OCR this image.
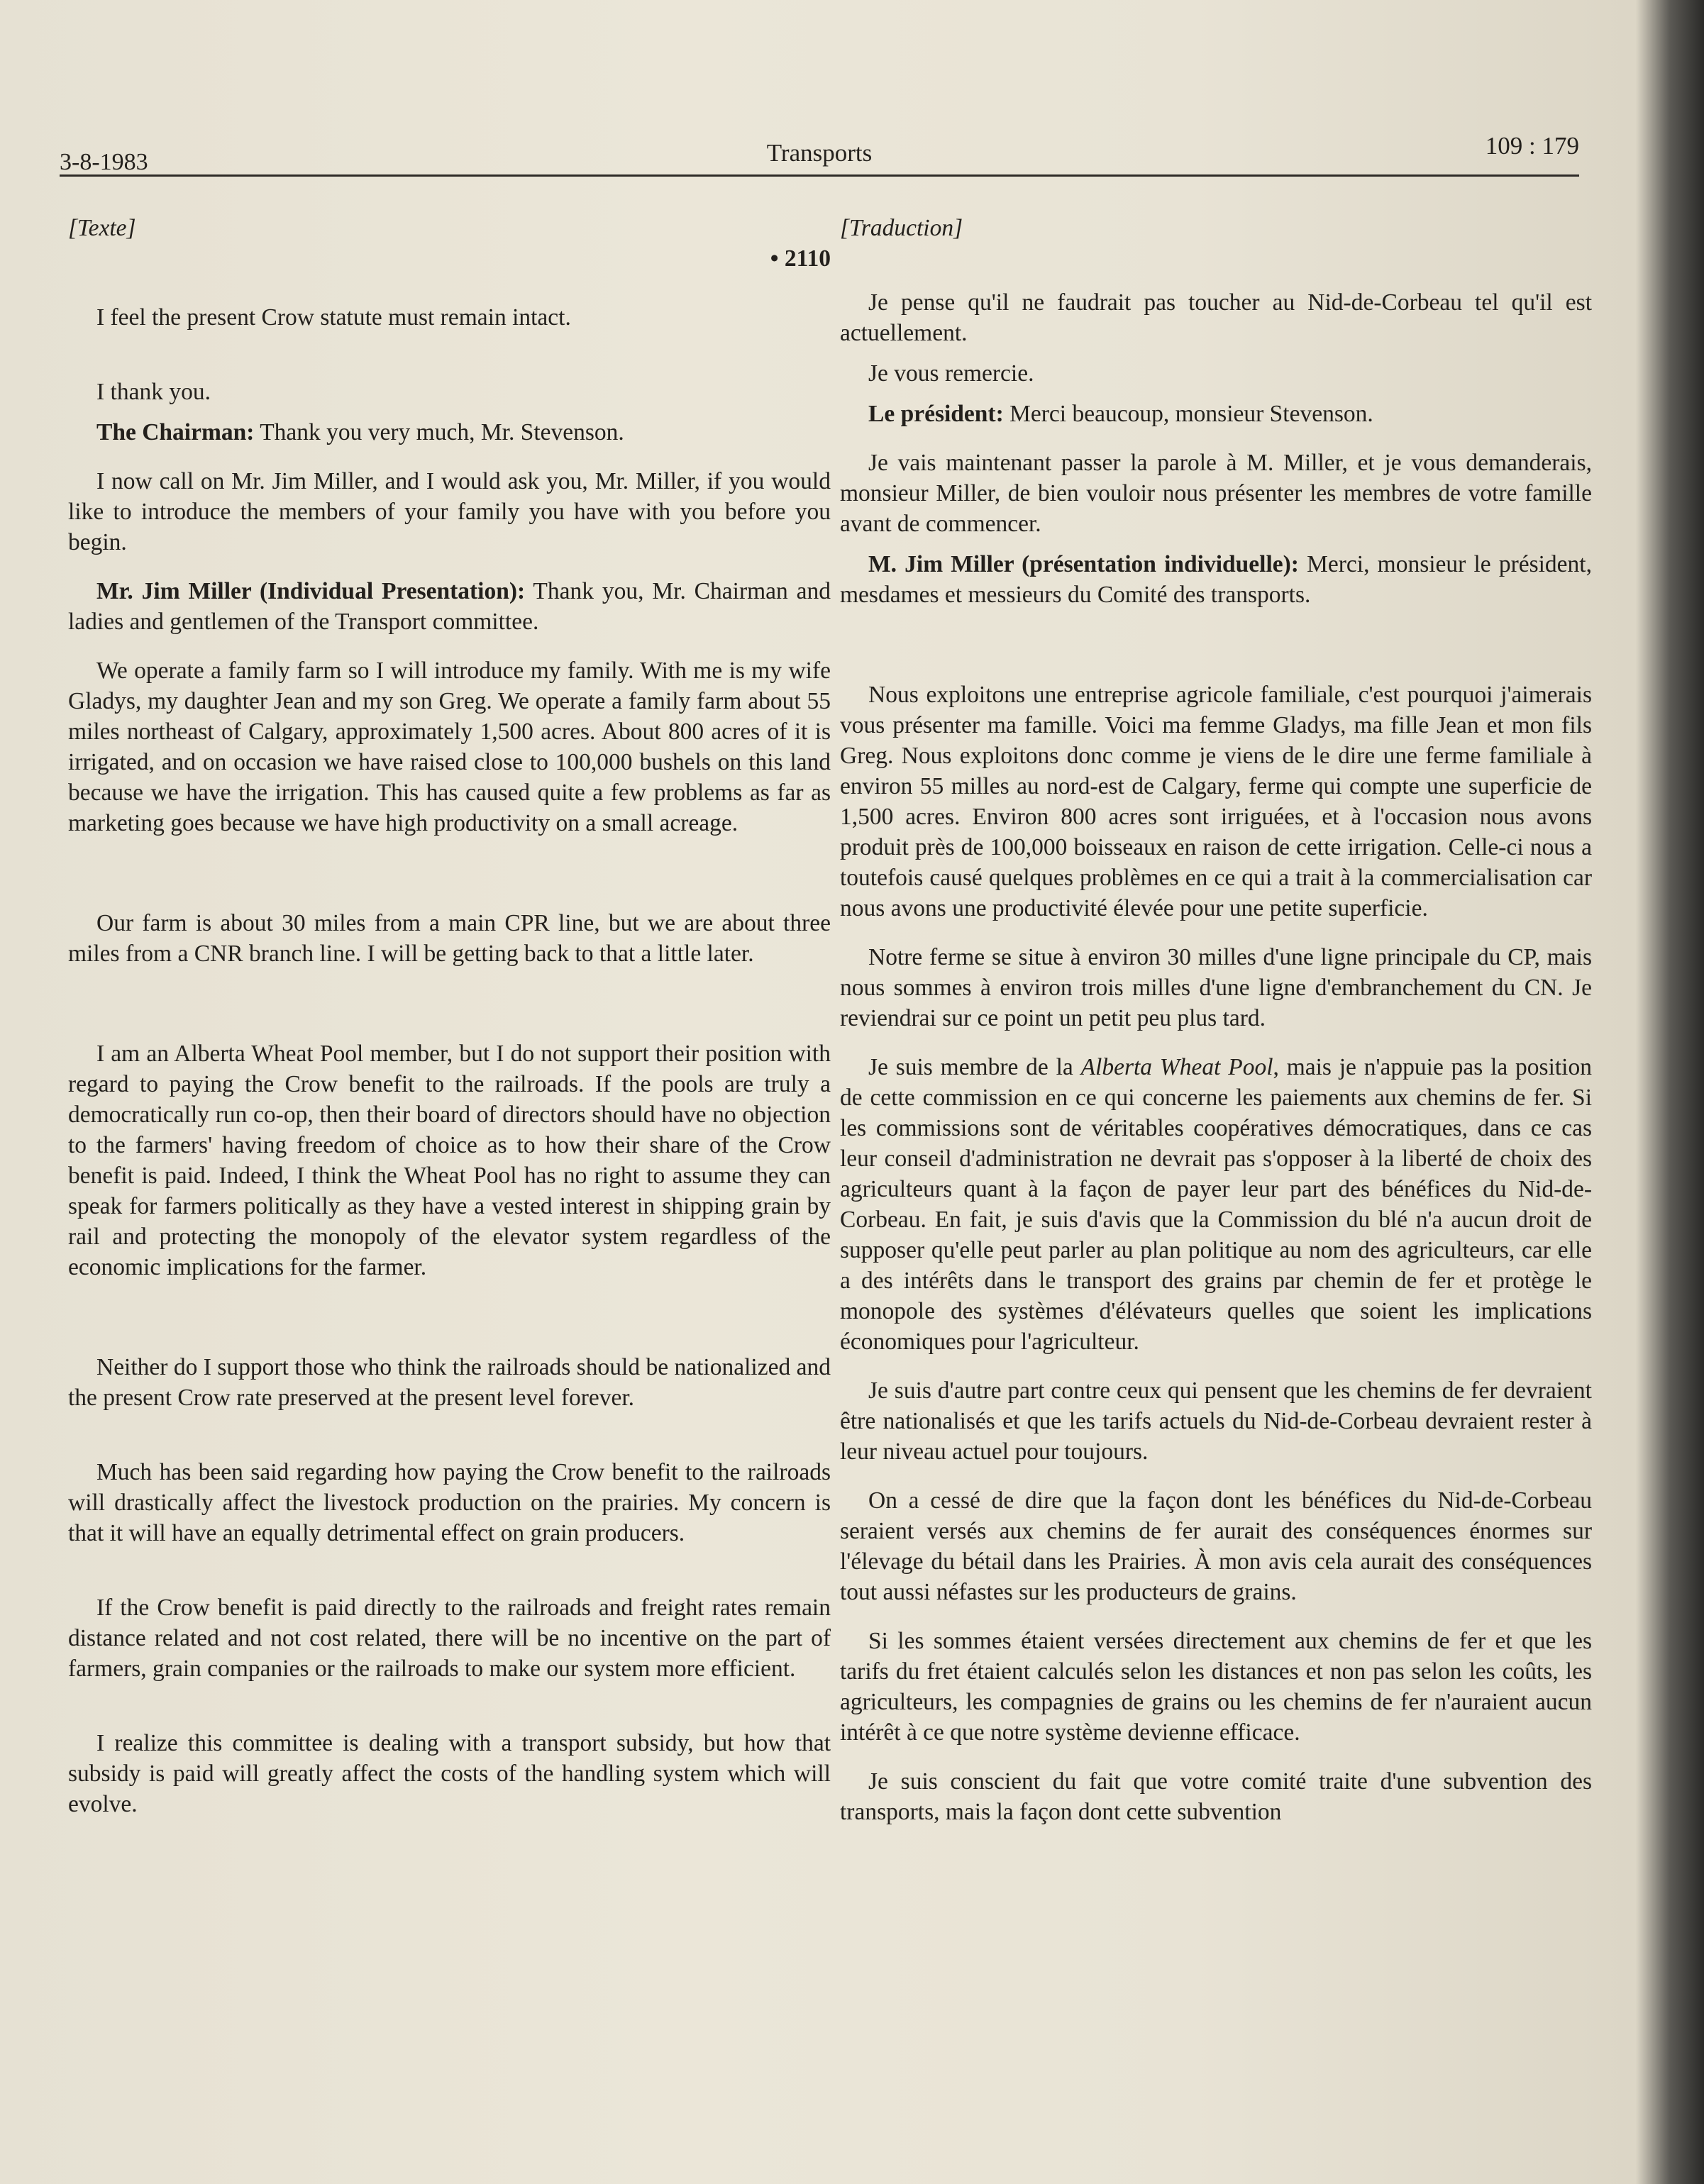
3-8-1983	Transports	109 : 179

[Texte]

• 2110

I feel the present Crow statute must remain intact.

I thank you.

The Chairman: Thank you very much, Mr. Stevenson.

I now call on Mr. Jim Miller, and I would ask you, Mr. Miller, if you would like to introduce the members of your family you have with you before you begin.

Mr. Jim Miller (Individual Presentation): Thank you, Mr. Chairman and ladies and gentlemen of the Transport committee.

We operate a family farm so I will introduce my family. With me is my wife Gladys, my daughter Jean and my son Greg. We operate a family farm about 55 miles northeast of Calgary, approximately 1,500 acres. About 800 acres of it is irrigated, and on occasion we have raised close to 100,000 bushels on this land because we have the irrigation. This has caused quite a few problems as far as marketing goes because we have high productivity on a small acreage.

Our farm is about 30 miles from a main CPR line, but we are about three miles from a CNR branch line. I will be getting back to that a little later.

I am an Alberta Wheat Pool member, but I do not support their position with regard to paying the Crow benefit to the railroads. If the pools are truly a democratically run co-op, then their board of directors should have no objection to the farmers' having freedom of choice as to how their share of the Crow benefit is paid. Indeed, I think the Wheat Pool has no right to assume they can speak for farmers politically as they have a vested interest in shipping grain by rail and protecting the monopoly of the elevator system regardless of the economic implications for the farmer.

Neither do I support those who think the railroads should be nationalized and the present Crow rate preserved at the present level forever.

Much has been said regarding how paying the Crow benefit to the railroads will drastically affect the livestock production on the prairies. My concern is that it will have an equally detrimental effect on grain producers.

If the Crow benefit is paid directly to the railroads and freight rates remain distance related and not cost related, there will be no incentive on the part of farmers, grain companies or the railroads to make our system more efficient.

I realize this committee is dealing with a transport subsidy, but how that subsidy is paid will greatly affect the costs of the handling system which will evolve.

[Traduction]

Je pense qu'il ne faudrait pas toucher au Nid-de-Corbeau tel qu'il est actuellement.

Je vous remercie.

Le président: Merci beaucoup, monsieur Stevenson.

Je vais maintenant passer la parole à M. Miller, et je vous demanderais, monsieur Miller, de bien vouloir nous présenter les membres de votre famille avant de commencer.

M. Jim Miller (présentation individuelle): Merci, monsieur le président, mesdames et messieurs du Comité des transports.

Nous exploitons une entreprise agricole familiale, c'est pourquoi j'aimerais vous présenter ma famille. Voici ma femme Gladys, ma fille Jean et mon fils Greg. Nous exploitons donc comme je viens de le dire une ferme familiale à environ 55 milles au nord-est de Calgary, ferme qui compte une superficie de 1,500 acres. Environ 800 acres sont irriguées, et à l'occasion nous avons produit près de 100,000 boisseaux en raison de cette irrigation. Celle-ci nous a toutefois causé quelques problèmes en ce qui a trait à la commercialisation car nous avons une productivité élevée pour une petite superficie.

Notre ferme se situe à environ 30 milles d'une ligne principale du CP, mais nous sommes à environ trois milles d'une ligne d'embranchement du CN. Je reviendrai sur ce point un petit peu plus tard.

Je suis membre de la Alberta Wheat Pool, mais je n'appuie pas la position de cette commission en ce qui concerne les paiements aux chemins de fer. Si les commissions sont de véritables coopératives démocratiques, dans ce cas leur conseil d'administration ne devrait pas s'opposer à la liberté de choix des agriculteurs quant à la façon de payer leur part des bénéfices du Nid-de-Corbeau. En fait, je suis d'avis que la Commission du blé n'a aucun droit de supposer qu'elle peut parler au plan politique au nom des agriculteurs, car elle a des intérêts dans le transport des grains par chemin de fer et protège le monopole des systèmes d'élévateurs quelles que soient les implications économiques pour l'agriculteur.

Je suis d'autre part contre ceux qui pensent que les chemins de fer devraient être nationalisés et que les tarifs actuels du Nid-de-Corbeau devraient rester à leur niveau actuel pour toujours.

On a cessé de dire que la façon dont les bénéfices du Nid-de-Corbeau seraient versés aux chemins de fer aurait des conséquences énormes sur l'élevage du bétail dans les Prairies. À mon avis cela aurait des conséquences tout aussi néfastes sur les producteurs de grains.

Si les sommes étaient versées directement aux chemins de fer et que les tarifs du fret étaient calculés selon les distances et non pas selon les coûts, les agriculteurs, les compagnies de grains ou les chemins de fer n'auraient aucun intérêt à ce que notre système devienne efficace.

Je suis conscient du fait que votre comité traite d'une subvention des transports, mais la façon dont cette subvention
